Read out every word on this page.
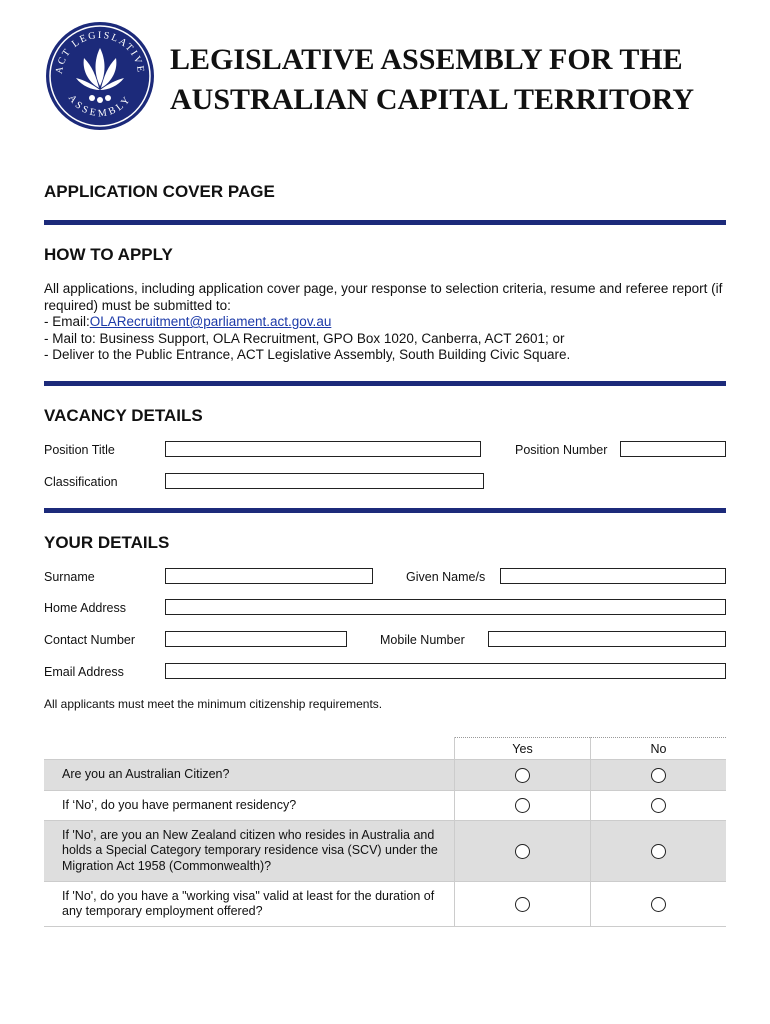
ACT LEGISLATIVE
ASSEMBLY
LEGISLATIVE ASSEMBLY FOR THE
AUSTRALIAN CAPITAL TERRITORY
APPLICATION COVER PAGE
HOW TO APPLY
All applications, including application cover page, your response to selection criteria, resume and referee report (if
required) must be submitted to:
- Email:OLARecruitment@parliament.act.gov.au
- Mail to: Business Support, OLA Recruitment, GPO Box 1020, Canberra, ACT 2601; or
- Deliver to the Public Entrance, ACT Legislative Assembly, South Building Civic Square.
VACANCY DETAILS
Position Title	Position Number
Classification
YOUR DETAILS
Surname	Given Name/s
Home Address
Contact Number	Mobile Number
Email Address
All applicants must meet the minimum citizenship requirements.
	Yes	No

Are you an Australian Citizen?		

If ‘No’, do you have permanent residency?		

If 'No', are you an New Zealand citizen who resides in Australia and
holds a Special Category temporary residence visa (SCV) under the
Migration Act 1958 (Commonwealth)?		

If 'No', do you have a "working visa" valid at least for the duration of
any temporary employment offered?		
